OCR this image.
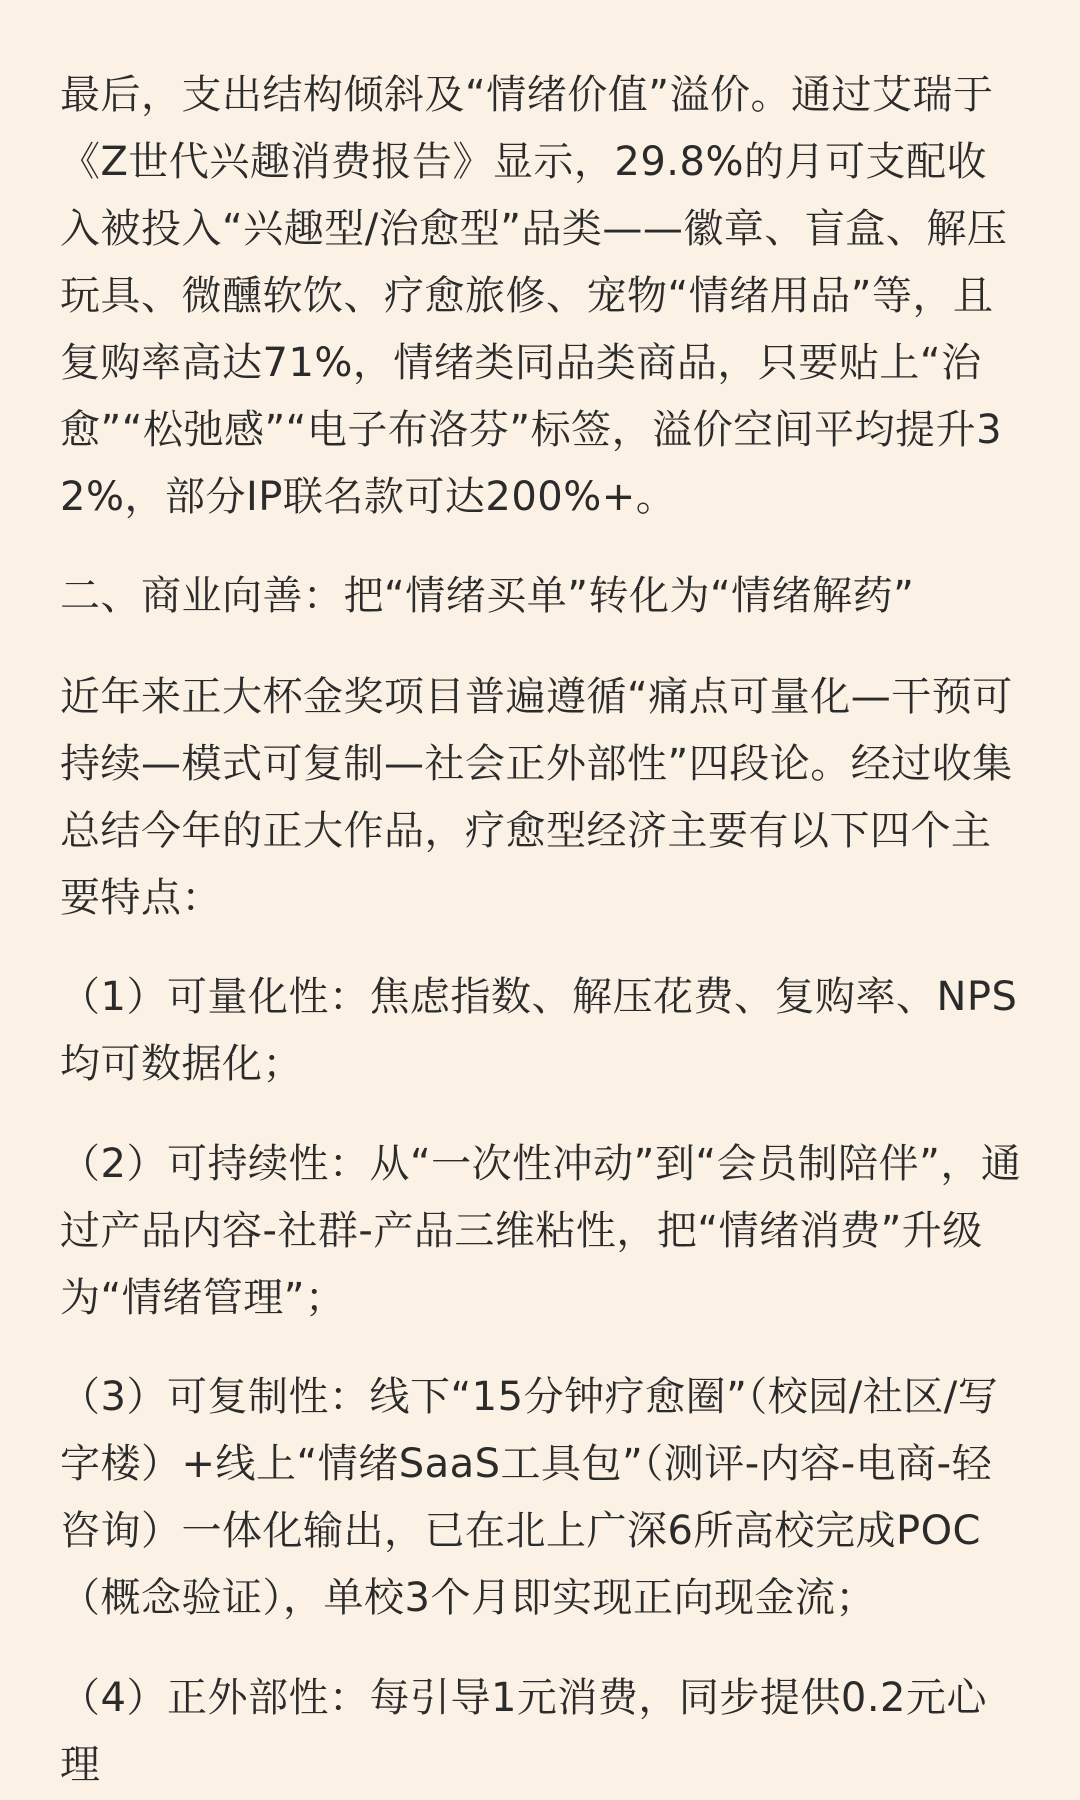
最后，支出结构倾斜及“情绪价值”溢价。通过艾瑞于《Z世代兴趣消费报告》显示，29.8%的月可支配收入被投入“兴趣型/治愈型”品类——徽章、盲盒、解压玩具、微醺软饮、疗愈旅修、宠物“情绪用品”等，且复购率高达71%，情绪类同品类商品，只要贴上“治愈”“松弛感”“电子布洛芬”标签，溢价空间平均提升32%，部分IP联名款可达200%+。

二、商业向善：把“情绪买单”转化为“情绪解药”

近年来正大杯金奖项目普遍遵循“痛点可量化—干预可持续—模式可复制—社会正外部性”四段论。经过收集总结今年的正大作品，疗愈型经济主要有以下四个主要特点：

（1）可量化性：焦虑指数、解压花费、复购率、NPS均可数据化；

（2）可持续性：从“一次性冲动”到“会员制陪伴”，通过产品内容-社群-产品三维粘性，把“情绪消费”升级为“情绪管理”；

（3）可复制性：线下“15分钟疗愈圈”（校园/社区/写字楼）+线上“情绪SaaS工具包”（测评-内容-电商-轻咨询）一体化输出，已在北上广深6所高校完成POC（概念验证），单校3个月即实现正向现金流；

（4）正外部性：每引导1元消费，同步提供0.2元心理
